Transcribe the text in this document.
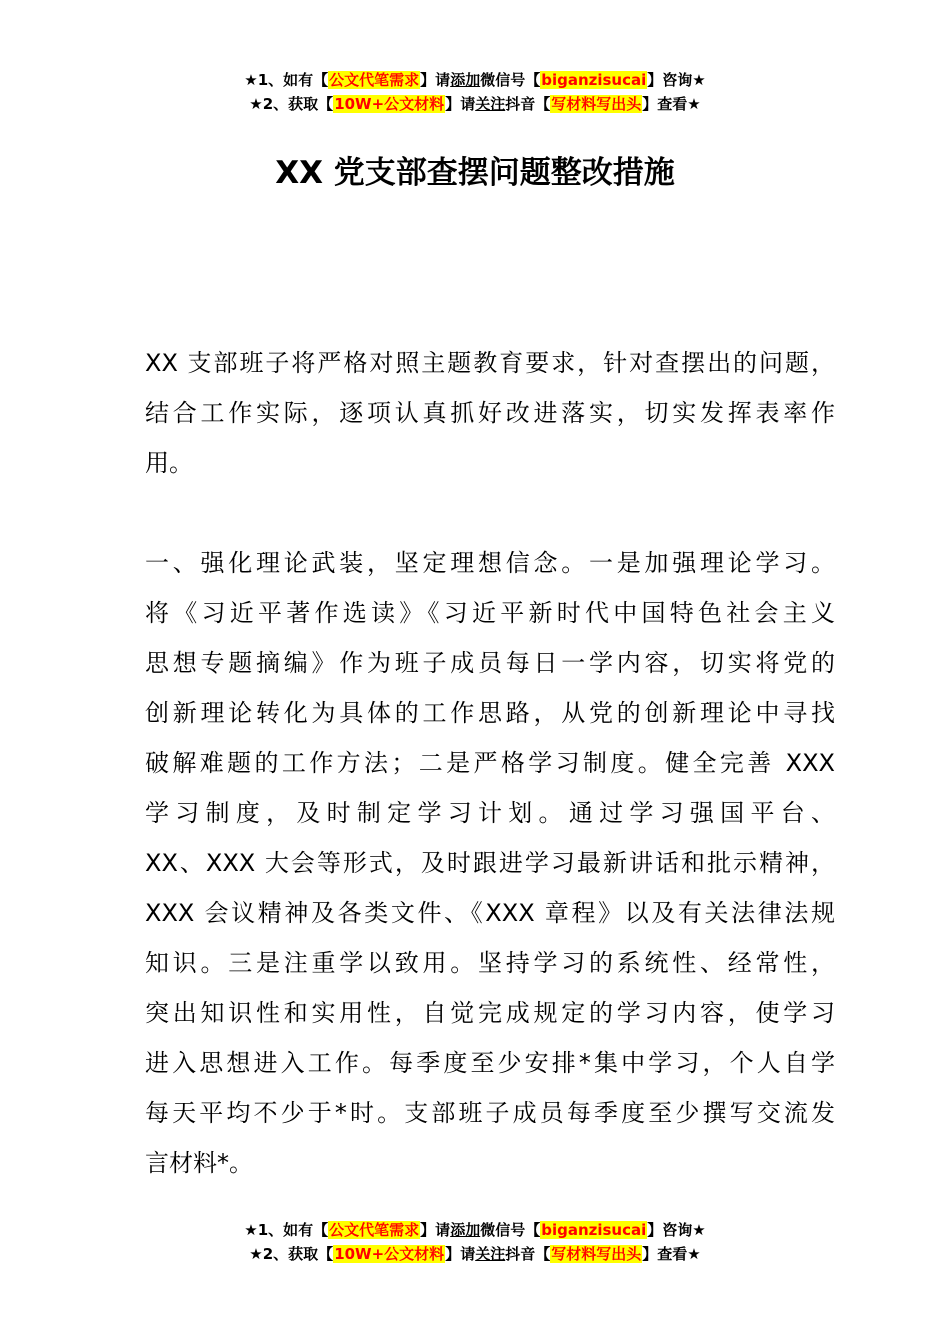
★1、如有【公文代笔需求】请添加微信号【biganzisucai】咨询★
★2、获取【10W+公文材料】请关注抖音【写材料写出头】查看★
XX 党支部查摆问题整改措施
XX 支部班子将严格对照主题教育要求，针对查摆出的问题，
结合工作实际，逐项认真抓好改进落实，切实发挥表率作
用。
一、强化理论武装，坚定理想信念。一是加强理论学习。
将《习近平著作选读》《习近平新时代中国特色社会主义
思想专题摘编》作为班子成员每日一学内容，切实将党的
创新理论转化为具体的工作思路，从党的创新理论中寻找
破解难题的工作方法；二是严格学习制度。健全完善 XXX
学习制度，及时制定学习计划。通过学习强国平台、
XX、XXX 大会等形式，及时跟进学习最新讲话和批示精神，
XXX 会议精神及各类文件、《XXX 章程》以及有关法律法规
知识。三是注重学以致用。坚持学习的系统性、经常性，
突出知识性和实用性，自觉完成规定的学习内容，使学习
进入思想进入工作。每季度至少安排*集中学习，个人自学
每天平均不少于*时。支部班子成员每季度至少撰写交流发
言材料*。
★1、如有【公文代笔需求】请添加微信号【biganzisucai】咨询★
★2、获取【10W+公文材料】请关注抖音【写材料写出头】查看★
